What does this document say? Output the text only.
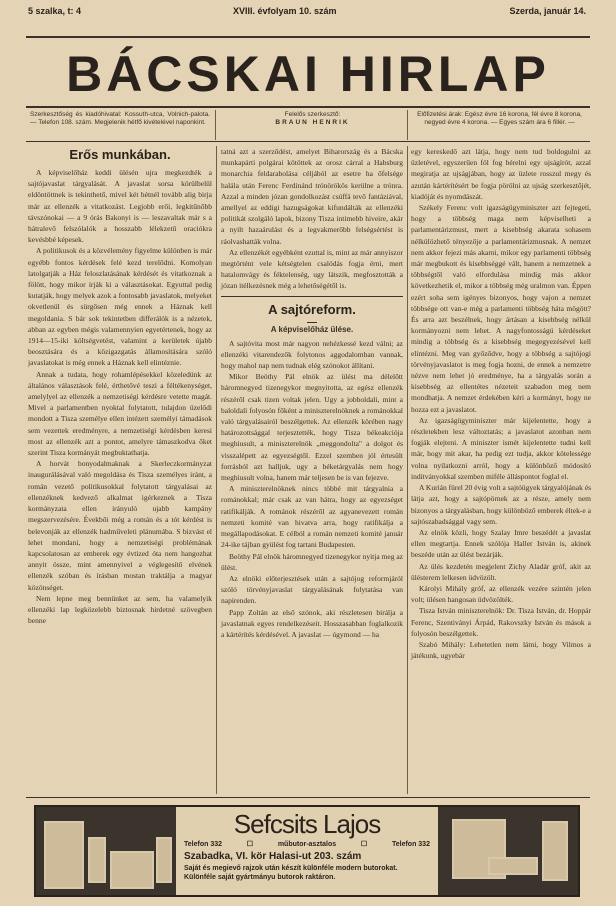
5 szalka, t: 4	XVIII. évfolyam 10. szám	Szerda, január 14.
BÁCSKAI HIRLAP
Szerkesztőség és kiadóhivatal: Kossuth-utca, Volnich-palota. — Telefon 108. szám. Megjelenik hétfő kivételével naponkint.
Felelős szerkesztő:
BRAUN HENRIK
Előfizetési árak: Egész évre 16 korona, fél évre 8 korona, negyed évre 4 korona. — Egyes szám ára 6 fillér. —
Erős munkában.

A képviselőház keddi ülésén ujra megkezdték a sajtójavaslat tárgyalását. A javaslat sorsa körülbelül eldöntöttnek is tekinthető, mivel két hétnél tovább alig birja már az ellenzék a vitatkozást. Legjobb erői, legkitűnőbb távszónokai — a 9 órás Bakonyi is — leszavaltak már s a hátralevő felszólalók a hosszabb lélekzetű oraciókra kevésbbé képesek.

A politikusok és a közvélemény figyelme különben is már egyébb fontos kérdések felé kezd terelődni. Komolyan latolgatják a Ház feloszlatásának kérdését és vitatkoznak a fölött, hogy mikor írják ki a választásokat. Egyuttal pedig kutatják, hogy melyek azok a fontosabb javaslatok, melyeket okvetlenül és sürgősen még ennek a Háznak kell megoldania. S bár sok tekintetben differálók is a nézetek, abban az egyben mégis valamennyien egyetértenek, hogy az 1914—15-iki költségvetést, valamint a kerületek újabb beosztására és a közigazgatás államosítására szóló javaslatokat is még ennek a Háznak kell elintéznie.

Annak a tudata, hogy rohamlépésekkel közeledünk az általános választások felé, érthetővé teszi a féltékenységet, amelylyel az ellenzék a nemzetiségi kérdésre vetette magát. Mivel a parlamentben nyoktal folytatott, tulajdon üzelődi mondott a Tisza személye ellen intézett személyi támadások sem vezettek eredményre, a nemzetiségi kérdésben keresi most az ellenzék azt a pontot, amelyre támaszkodva őket szerint Tisza kormányát megbuktathatja.

A horvát bonyodalmaknak a Skerleczkormányzat inaugurálásával való megoldása és Tisza személyes iránt, a román vezető politikusokkal folytatott tárgyalásai az ellenzéknek kedvező alkalmat igérkeznek a Tisza kormányzata ellen irányuló ujabb kampány megszervezésére. Évekbői még a román és a tót kérdést is belevonják az ellenzék hadműveleti plánumába. S bizvást el lehet mondani, hogy a nemzetiségi problémának kapcsolatosan az emberek egy évtized óta nem hangozhat annyit össze, mint amennyivel a véglegesítő elvének ellenzék szóban és írásban mostan traktálja a magyar közönséget.

Nem lepne meg bennünket az sem, ha valamelyik ellenzéki lap legközelebb biztosnak hirdetné szövegben benne

tatná azt a szerződést, amelyet Biharország és a Bácska munkapárti polgárai kötöttek az orosz cárral a Habsburg monarchia feldarabolása céljából az esetre ha őfelsége halála után Ferenc Ferdinánd trónörökös kerülne a trónra. Azzal a minden józan gondolkozást csúffá tevő fantáziával, amellyel az eddigi hazugságokat kifundálták az ellenzéki politikát szolgáló lapok, bizony Tisza intimebb hiveire, akár a nyilt hazaárulást és a legvakmerőbb felségsértést is ráolvashatták volna.

Az ellenzékét egyébként ezuttal is, mint az már annyiszor megtörtént vele kétségtelen csalódás fogja érni, mert hatalomvágy és féktelenség, ugy látszik, megfosztották a józan itélkezésnek még a lehetőségétől is.

A sajtóreform.
A képviselőház ülése.

A sajtóvita most már nagyon nehézkessé kezd válni; az ellenzéki vitarendezők folytonos aggodalomban vannak, hogy mahol nap nem tudnak elég szónokot állítani.

Mikor Beöthy Pál elnök az ülést ma délelőtt háromnegyed tizenegykor megnyitotta, az egész ellenzék részéről csak tizen voltak jelen. Ugy a jobboldali, mint a baloldali folyosón főként a miniszterelnöknek a románokkal való tárgyalásairól beszélgettek. Az ellenzék körében nagy határozottsággal terjesztették, hogy Tisza békeakciója meghiusult, a miniszterelnök „meggondolta" a dolgot és visszalépett az egyezségtől. Ezzel szemben jól értesült forrásból azt halljuk, ugy a béketárgyalás nem hogy meghiusult volna, hanem már teljesen be is van fejezve.

A miniszterelnöknek nincs többé mit tárgyalnia a románokkal; már csak az van hátra, hogy az egyezséget ratifikálják. A románok részéről az agyanevezett román nemzeti komité van hivatva arra, hogy ratifikálja a megállapodásokat. E célból a román nemzeti komité január 24-ike tájban gyülést fog tartani Budapesten.

Beöthy Pál elnök háromnegyed tizenegykor nyitja meg az ülést.

Az elnöki előterjesztések után a sajtójog reformjáról szóló törvényjavaslat tárgyalásának folytatása van napirenden.

Papp Zoltán az első szónok, aki részletesen birálja a javaslatnak egyes rendelkezéseit. Hosszasabban foglalkozik a kártérítés kérdésével. A javaslat — úgymond — ha

egy kereskedő azt látja, hogy nem tud boldogulni az üzletével, egyszerűen föl fog bérelni egy ujságírót, azzal megiratja az ujságjában, hogy az üzlete rosszul megy és azután kártérítésért be fogja pörölni az ujság szerkesztőjét, kiadóját és nyomdászát.

Székely Ferenc volt igazságügyminiszter azt fejtegeti, hogy a többség maga nem képviselheti a parlamentárizmust, mert a kisebbség akarata sohasem nélkülözhető tényezője a parlamentárizmusnak. A nemzet nem akkor fejezi más akarni, mikor egy parlamenti többség már megbukott és kisebbséggé vált, hanem a nemzetnek a többségtől való elfordulása mindig más akkor következhetik el, mikor a többség még uralmon van. Éppen ezért soha sem igényes bizonyos, hogy vajon a nemzet többsége ott van-e még a parlamenti többség háta mögött? És arra azt beszélnek, hogy ártásan a kisebbség nélkül kormányozni nem lehet. A nagyfontosságú kérdéseket mindig a többség és a kisebbség megegyezésével kell elintézni. Meg van győződve, hogy a többség a sajtójogi törvényjavaslatot is meg fogja hozni, de ennek a nemzetre nézve nem lehet jó eredménye, ha a tárgyalás során a kisebbség az ellentétes nézeteit szabadon meg nem mondhatja. A nemzet érdekében kéri a kormányt, hogy ne hozza ezt a javaslatot.

Az igazságügyminiszter már kijelentette, hogy a részletekben lesz változtatás; a javaslatot azonban nem fogják elejteni. A miniszter ismét kijelentette tudni kell már, hogy mit akar, ha pedig ezt tudja, akkor kötelessége volna nyilatkozni arról, hogy a különböző módosító indítványokkal szemben miféle álláspontot foglal el.

A Kurián fürel 20 évig volt a sajtóügyek tárgyalójának és látja azt, hogy a sajtópörnek az a része, amely nem bizonyos a tárgyalásban, hogy különböző emberek éltek-e a sajtószabadsággal vagy sem.

Az elnök közli, hogy Szalay Imre beszédét a javaslat ellen megtartja. Ennek szólója Haller István is, akinek beszéde után az ülést bezárják.

Az ülés kezdetén megjelent Zichy Aladár gróf, akit az ülésterem lelkesen üdvözölt.

Károlyi Mihály gróf, az ellenzék vezére szintén jelen volt; ülésen hangosan üdvözölték.

Tisza István miniszterelnök: Dr. Tisza István, dr. Hoppár Ferenc, Szentiványi Árpád, Rakovszky István és mások a folyosón beszélgettek.

Szabó Mihály: Lehetetlen nem látni, hogy Vilmos a játékunk, ugyebár

Sefcsits Lajos
Telefon 332	☐	műbutor-asztalos	☐	Telefon 332
Szabadka, VI. kör Halasi-ut 203. szám
Saját és megievő rajzok után készít különféle modern butorokat. Különféle saját gyártmányu butorok raktáron.
